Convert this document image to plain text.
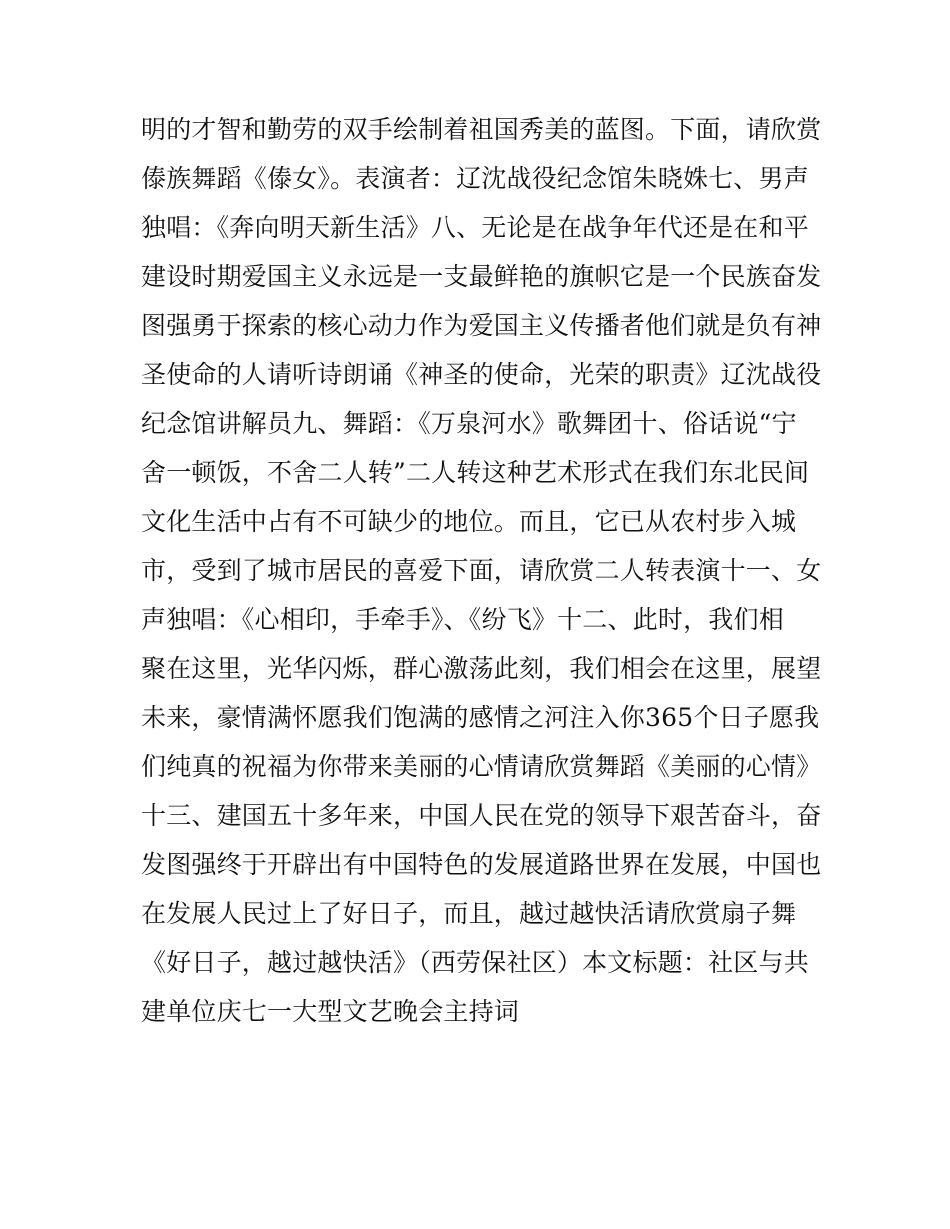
明的才智和勤劳的双手绘制着祖国秀美的蓝图。下面，请欣赏
傣族舞蹈《傣女》。表演者：辽沈战役纪念馆朱晓姝七、男声
独唱：《奔向明天新生活》八、无论是在战争年代还是在和平
建设时期爱国主义永远是一支最鲜艳的旗帜它是一个民族奋发
图强勇于探索的核心动力作为爱国主义传播者他们就是负有神
圣使命的人请听诗朗诵《神圣的使命，光荣的职责》辽沈战役
纪念馆讲解员九、舞蹈：《万泉河水》歌舞团十、俗话说“宁
舍一顿饭，不舍二人转”二人转这种艺术形式在我们东北民间
文化生活中占有不可缺少的地位。而且，它已从农村步入城
市，受到了城市居民的喜爱下面，请欣赏二人转表演十一、女
声独唱：《心相印，手牵手》、《纷飞》十二、此时，我们相
聚在这里，光华闪烁，群心激荡此刻，我们相会在这里，展望
未来，豪情满怀愿我们饱满的感情之河注入你365个日子愿我
们纯真的祝福为你带来美丽的心情请欣赏舞蹈《美丽的心情》
十三、建国五十多年来，中国人民在党的领导下艰苦奋斗，奋
发图强终于开辟出有中国特色的发展道路世界在发展，中国也
在发展人民过上了好日子，而且，越过越快活请欣赏扇子舞
《好日子，越过越快活》（西劳保社区）本文标题：社区与共
建单位庆七一大型文艺晚会主持词
